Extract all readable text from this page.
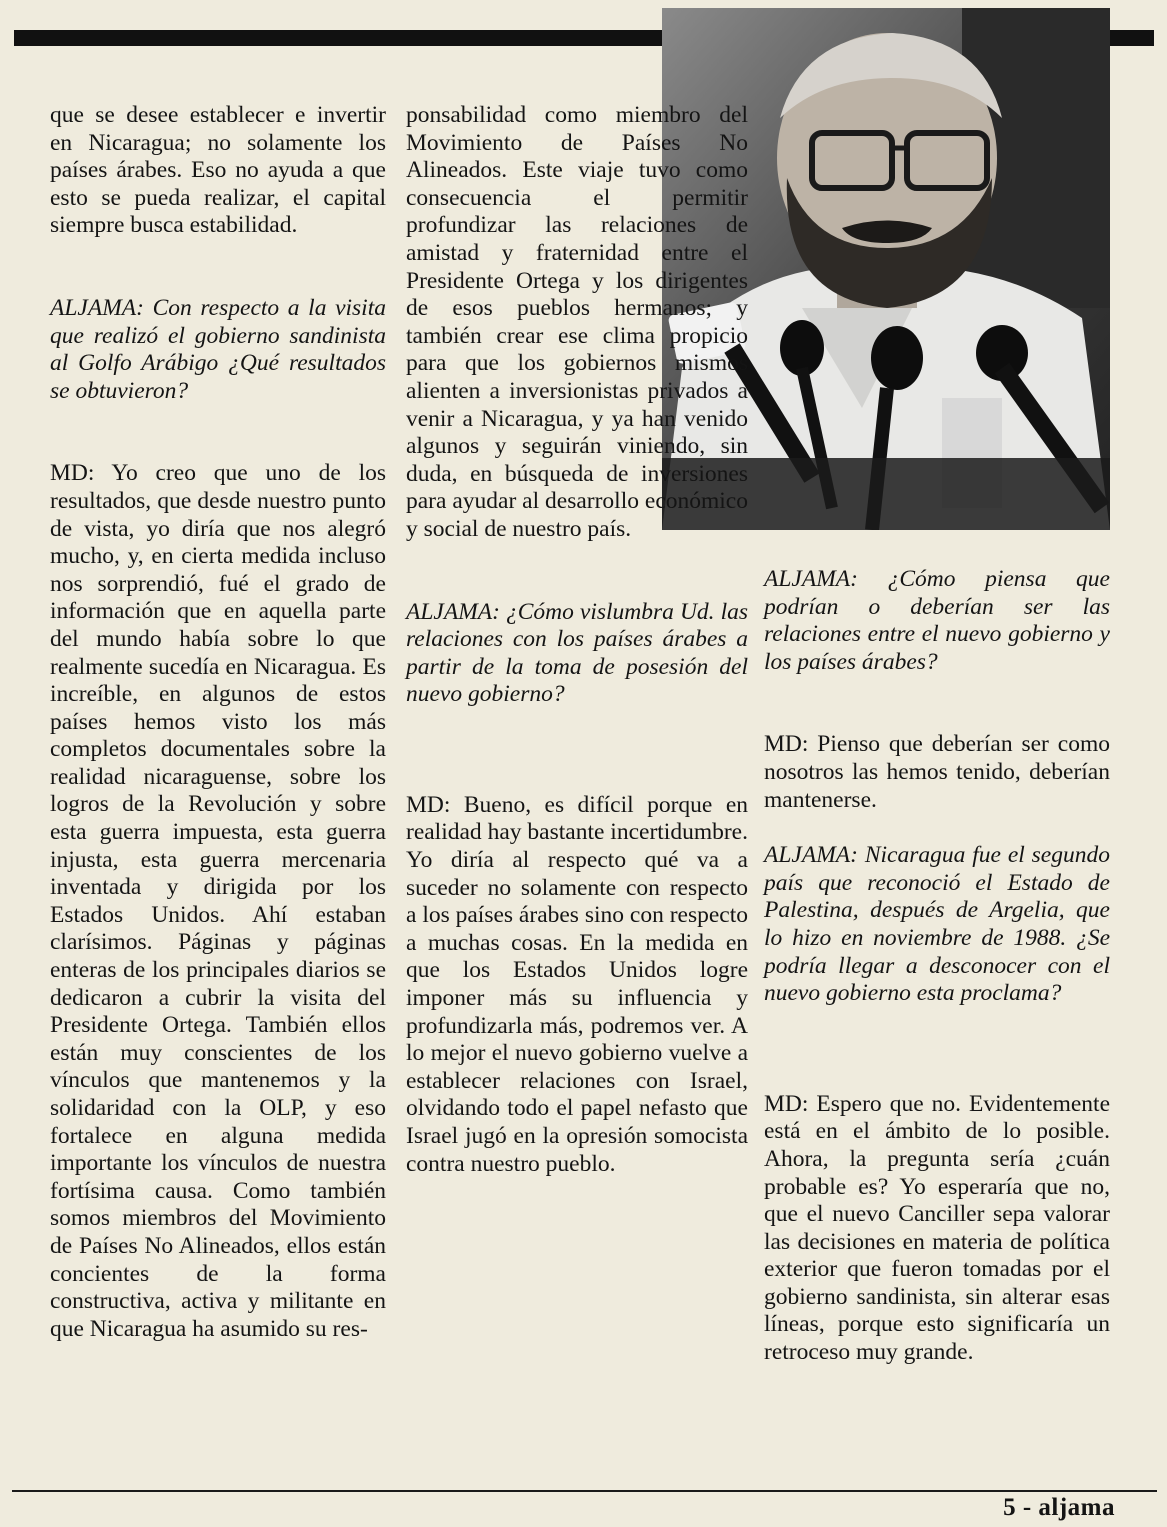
que se desee establecer e invertir en Nicaragua; no solamente los países árabes. Eso no ayuda a que esto se pueda realizar, el capital siempre busca estabilidad.

ALJAMA: Con respecto a la visita que realizó el gobierno sandinista al Golfo Arábigo ¿Qué resultados se obtuvieron?

MD: Yo creo que uno de los resultados, que desde nuestro punto de vista, yo diría que nos alegró mucho, y, en cierta medida incluso nos sorprendió, fué el grado de información que en aquella parte del mundo había sobre lo que realmente sucedía en Nicaragua. Es increíble, en algunos de estos países hemos visto los más completos documentales sobre la realidad nicaraguense, sobre los logros de la Revolución y sobre esta guerra impuesta, esta guerra injusta, esta guerra mercenaria inventada y dirigida por los Estados Unidos. Ahí estaban clarísimos. Páginas y páginas enteras de los principales diarios se dedicaron a cubrir la visita del Presidente Ortega. También ellos están muy conscientes de los vínculos que mantenemos y la solidaridad con la OLP, y eso fortalece en alguna medida importante los vínculos de nuestra fortísima causa. Como también somos miembros del Movimiento de Países No Alineados, ellos están concientes de la forma constructiva, activa y militante en que Nicaragua ha asumido su res-

ponsabilidad como miembro del Movimiento de Países No Alineados. Este viaje tuvo como consecuencia el permitir profundizar las relaciones de amistad y fraternidad entre el Presidente Ortega y los dirigentes de esos pueblos hermanos; y también crear ese clima propicio para que los gobiernos mismos alienten a inversionistas privados a venir a Nicaragua, y ya han venido algunos y seguirán viniendo, sin duda, en búsqueda de inversiones para ayudar al desarrollo económico y social de nuestro país.

ALJAMA: ¿Cómo vislumbra Ud. las relaciones con los países árabes a partir de la toma de posesión del nuevo gobierno?

MD: Bueno, es difícil porque en realidad hay bastante incertidumbre. Yo diría al respecto qué va a suceder no solamente con respecto a los países árabes sino con respecto a muchas cosas. En la medida en que los Estados Unidos logre imponer más su influencia y profundizarla más, podremos ver. A lo mejor el nuevo gobierno vuelve a establecer relaciones con Israel, olvidando todo el papel nefasto que Israel jugó en la opresión somocista contra nuestro pueblo.

ALJAMA: ¿Cómo piensa que podrían o deberían ser las relaciones entre el nuevo gobierno y los países árabes?

MD: Pienso que deberían ser como nosotros las hemos tenido, deberían mantenerse.

ALJAMA: Nicaragua fue el segundo país que reconoció el Estado de Palestina, después de Argelia, que lo hizo en noviembre de 1988. ¿Se podría llegar a desconocer con el nuevo gobierno esta proclama?

MD: Espero que no. Evidentemente está en el ámbito de lo posible. Ahora, la pregunta sería ¿cuán probable es? Yo esperaría que no, que el nuevo Canciller sepa valorar las decisiones en materia de política exterior que fueron tomadas por el gobierno sandinista, sin alterar esas líneas, porque esto significaría un retroceso muy grande.

5 - aljama
